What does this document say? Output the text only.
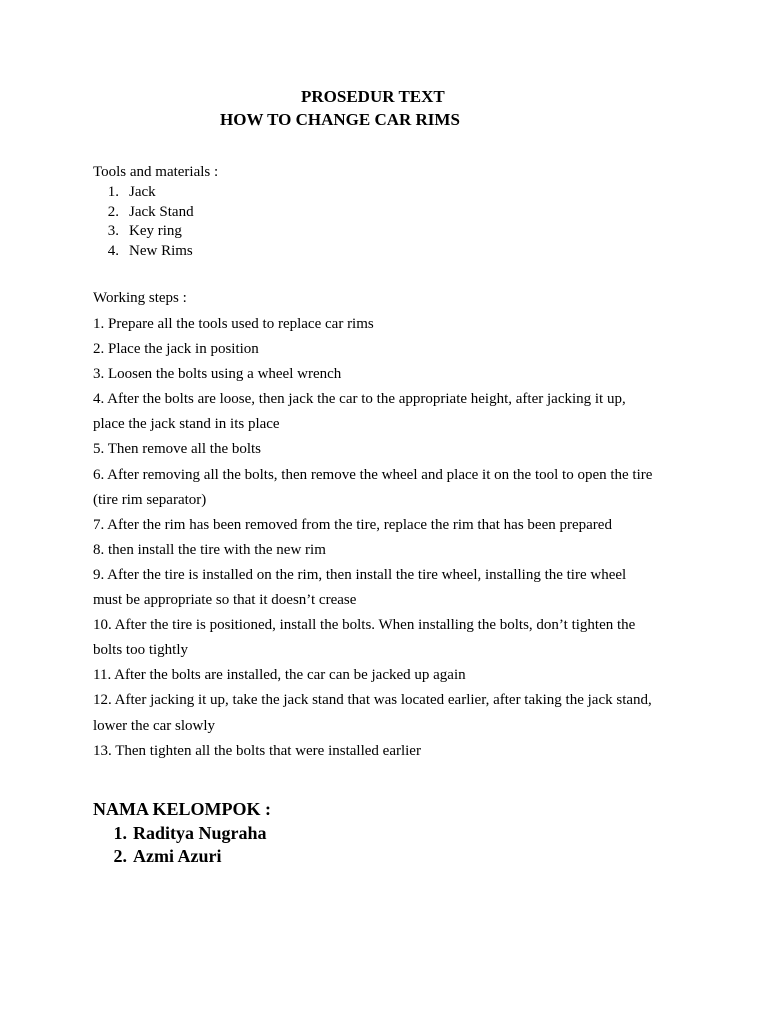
PROSEDUR TEXT
HOW TO CHANGE CAR RIMS
Tools and materials :
1. Jack
2. Jack Stand
3. Key ring
4. New Rims
Working steps :

1. Prepare all the tools used to replace car rims

2. Place the jack in position

3. Loosen the bolts using a wheel wrench

4. After the bolts are loose, then jack the car to the appropriate height, after jacking it up,

place the jack stand in its place

5. Then remove all the bolts

6. After removing all the bolts, then remove the wheel and place it on the tool to open the tire

(tire rim separator)

7. After the rim has been removed from the tire, replace the rim that has been prepared

8. then install the tire with the new rim

9. After the tire is installed on the rim, then install the tire wheel, installing the tire wheel

must be appropriate so that it doesn’t crease

10. After the tire is positioned, install the bolts. When installing the bolts, don’t tighten the

bolts too tightly

11. After the bolts are installed, the car can be jacked up again

12. After jacking it up, take the jack stand that was located earlier, after taking the jack stand,

lower the car slowly

13. Then tighten all the bolts that were installed earlier

NAMA KELOMPOK :
1. Raditya Nugraha
2. Azmi Azuri
